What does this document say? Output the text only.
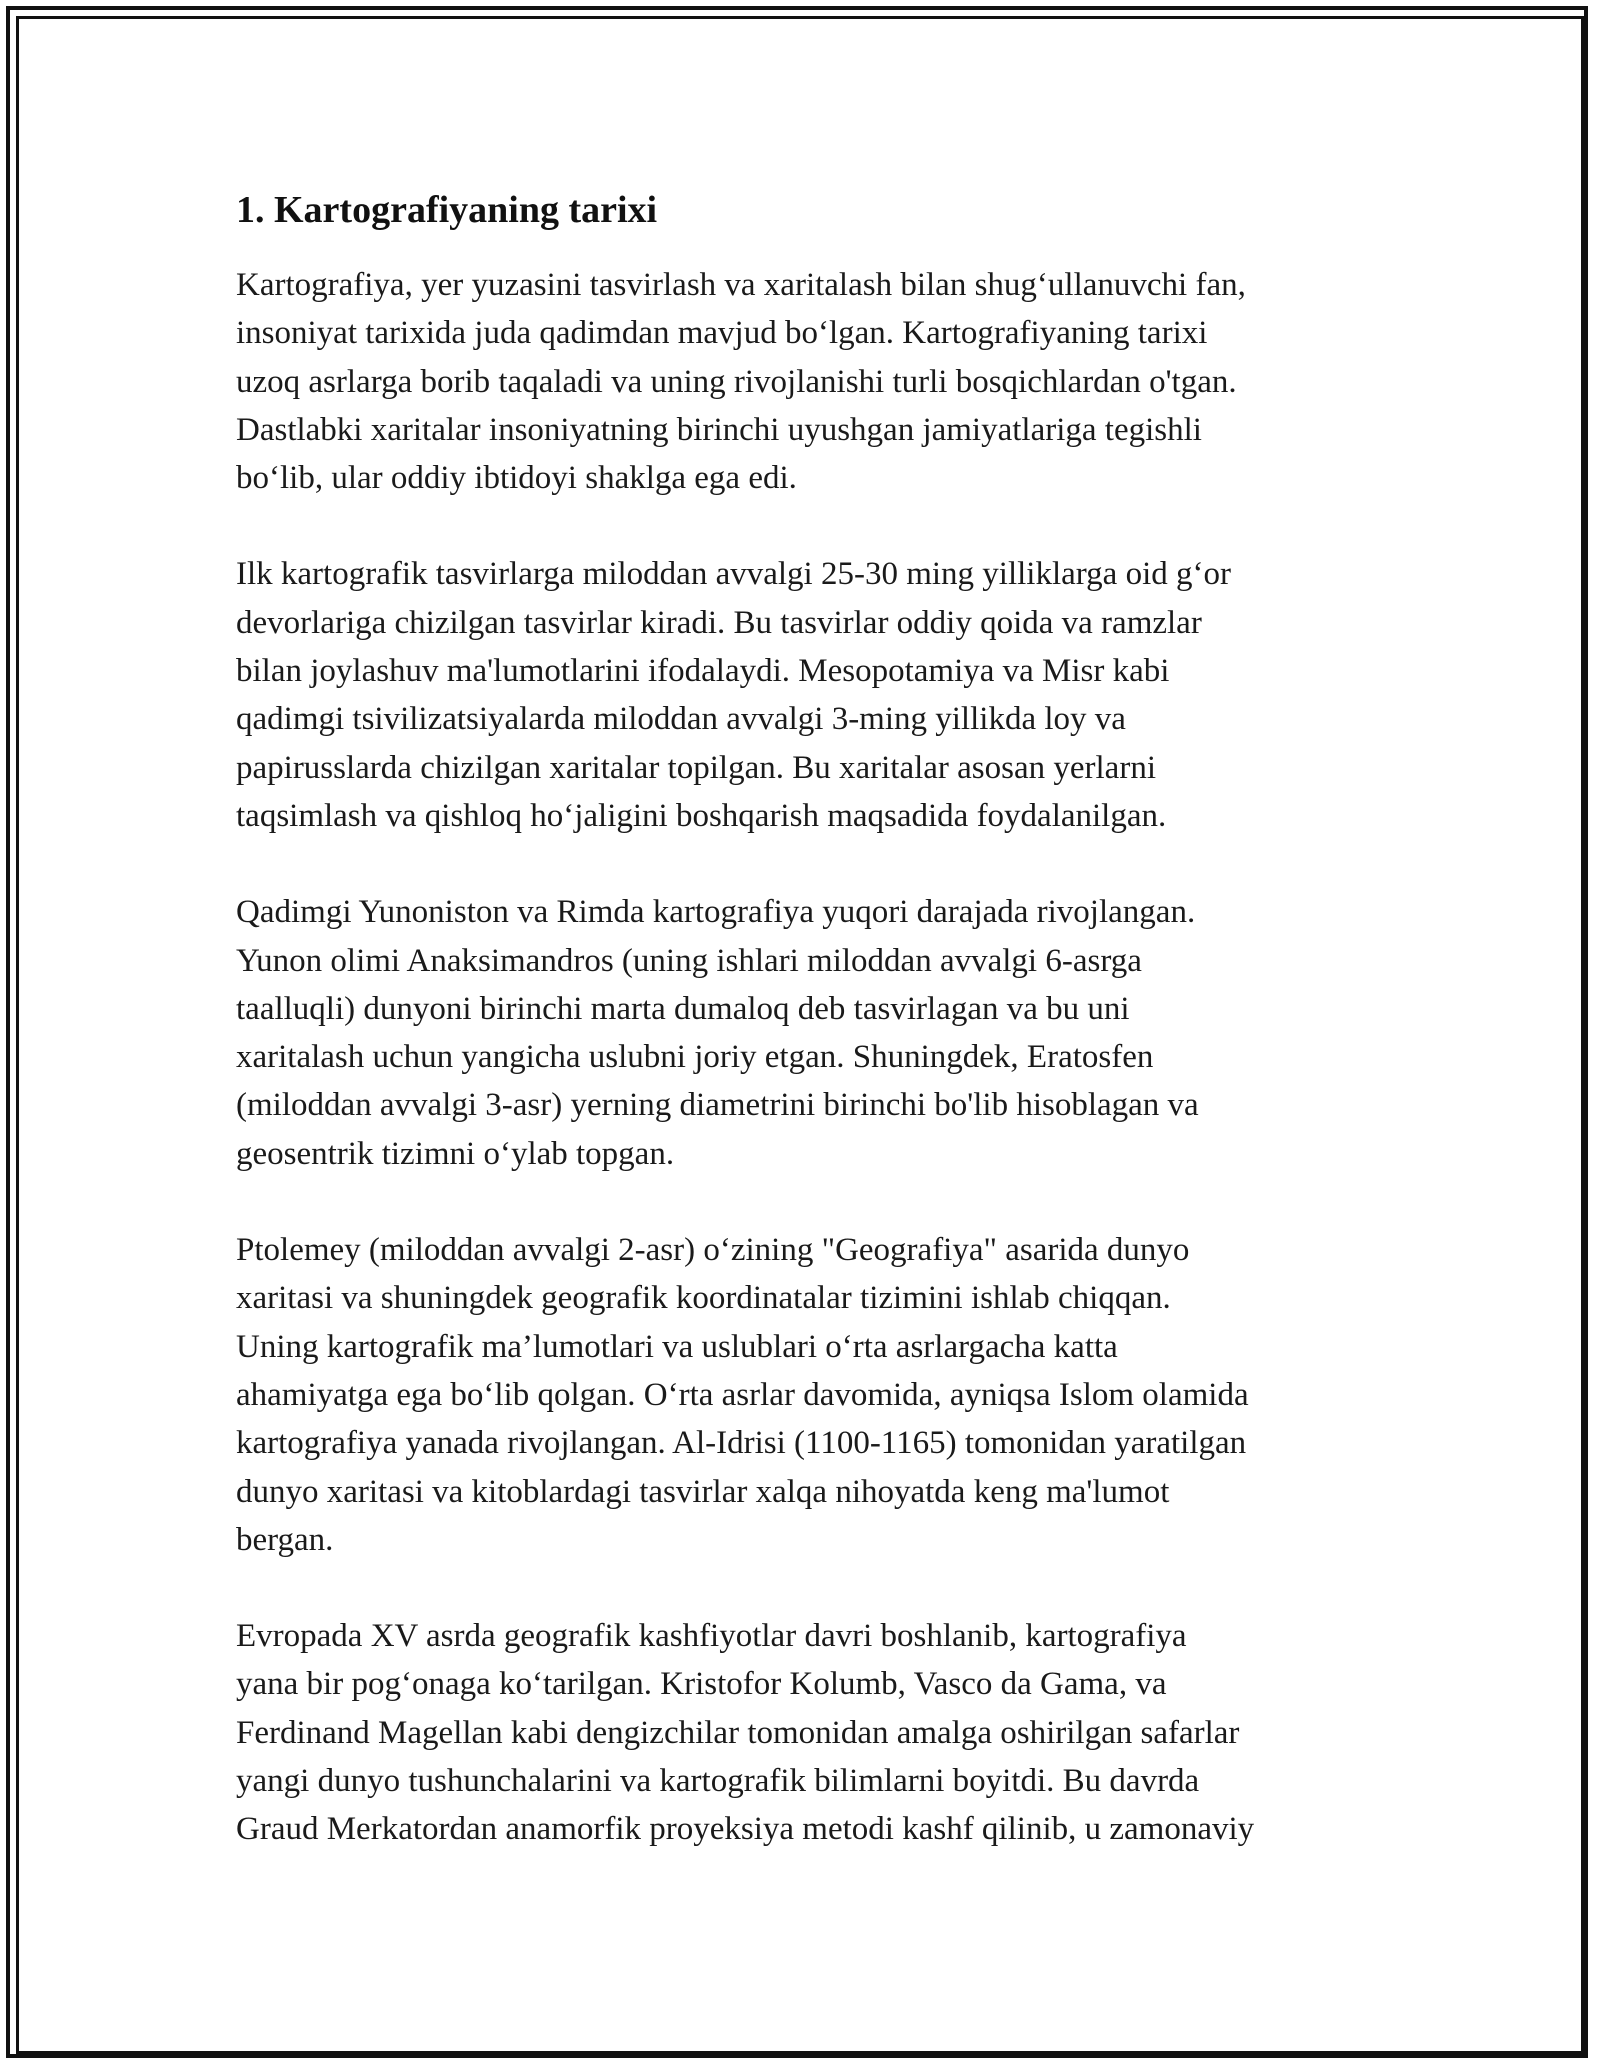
1. Kartografiyaning tarixi

Kartografiya, yer yuzasini tasvirlash va xaritalash bilan shug‘ullanuvchi fan,
insoniyat tarixida juda qadimdan mavjud bo‘lgan. Kartografiyaning tarixi
uzoq asrlarga borib taqaladi va uning rivojlanishi turli bosqichlardan o'tgan.
Dastlabki xaritalar insoniyatning birinchi uyushgan jamiyatlariga tegishli
bo‘lib, ular oddiy ibtidoyi shaklga ega edi.

Ilk kartografik tasvirlarga miloddan avvalgi 25-30 ming yilliklarga oid g‘or
devorlariga chizilgan tasvirlar kiradi. Bu tasvirlar oddiy qoida va ramzlar
bilan joylashuv ma'lumotlarini ifodalaydi. Mesopotamiya va Misr kabi
qadimgi tsivilizatsiyalarda miloddan avvalgi 3-ming yillikda loy va
papirusslarda chizilgan xaritalar topilgan. Bu xaritalar asosan yerlarni
taqsimlash va qishloq ho‘jaligini boshqarish maqsadida foydalanilgan.

Qadimgi Yunoniston va Rimda kartografiya yuqori darajada rivojlangan.
Yunon olimi Anaksimandros (uning ishlari miloddan avvalgi 6-asrga
taalluqli) dunyoni birinchi marta dumaloq deb tasvirlagan va bu uni
xaritalash uchun yangicha uslubni joriy etgan. Shuningdek, Eratosfen
(miloddan avvalgi 3-asr) yerning diametrini birinchi bo'lib hisoblagan va
geosentrik tizimni o‘ylab topgan.

Ptolemey (miloddan avvalgi 2-asr) o‘zining "Geografiya" asarida dunyo
xaritasi va shuningdek geografik koordinatalar tizimini ishlab chiqqan.
Uning kartografik ma’lumotlari va uslublari o‘rta asrlargacha katta
ahamiyatga ega bo‘lib qolgan. O‘rta asrlar davomida, ayniqsa Islom olamida
kartografiya yanada rivojlangan. Al-Idrisi (1100-1165) tomonidan yaratilgan
dunyo xaritasi va kitoblardagi tasvirlar xalqa nihoyatda keng ma'lumot
bergan.

Evropada XV asrda geografik kashfiyotlar davri boshlanib, kartografiya
yana bir pog‘onaga ko‘tarilgan. Kristofor Kolumb, Vasco da Gama, va
Ferdinand Magellan kabi dengizchilar tomonidan amalga oshirilgan safarlar
yangi dunyo tushunchalarini va kartografik bilimlarni boyitdi. Bu davrda
Graud Merkatordan anamorfik proyeksiya metodi kashf qilinib, u zamonaviy
